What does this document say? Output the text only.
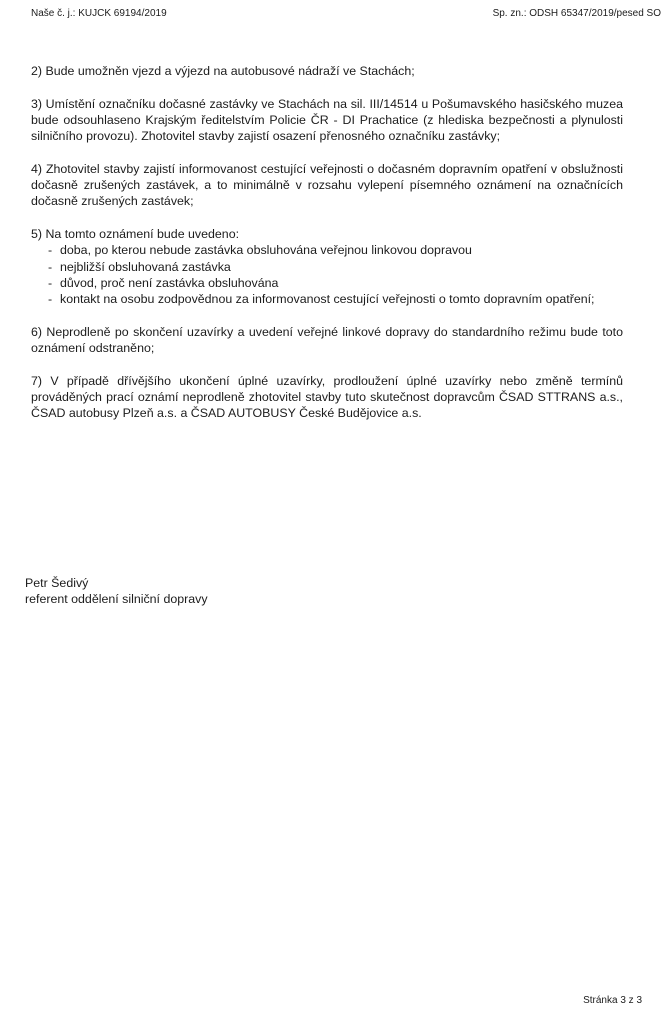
Naše č. j.: KUJCK 69194/2019	Sp. zn.: ODSH 65347/2019/pesed SO

2) Bude umožněn vjezd a výjezd na autobusové nádraží ve Stachách;

3) Umístění označníku dočasné zastávky ve Stachách na sil. III/14514 u Pošumavského hasičského muzea bude odsouhlaseno Krajským ředitelstvím Policie ČR - DI Prachatice (z hlediska bezpečnosti a plynulosti silničního provozu). Zhotovitel stavby zajistí osazení přenosného označníku zastávky;

4) Zhotovitel stavby zajistí informovanost cestující veřejnosti o dočasném dopravním opatření v obslužnosti dočasně zrušených zastávek, a to minimálně v rozsahu vylepení písemného oznámení na označnících dočasně zrušených zastávek;

5) Na tomto oznámení bude uvedeno:

- doba, po kterou nebude zastávka obsluhována veřejnou linkovou dopravou
- nejbližší obsluhovaná zastávka
- důvod, proč není zastávka obsluhována
- kontakt na osobu zodpovědnou za informovanost cestující veřejnosti o tomto dopravním opatření;

6) Neprodleně po skončení uzavírky a uvedení veřejné linkové dopravy do standardního režimu bude toto oznámení odstraněno;

7) V případě dřívějšího ukončení úplné uzavírky, prodloužení úplné uzavírky nebo změně termínů prováděných prací oznámí neprodleně zhotovitel stavby tuto skutečnost dopravcům ČSAD STTRANS a.s., ČSAD autobusy Plzeň a.s. a ČSAD AUTOBUSY České Budějovice a.s.

Petr Šedivý
referent oddělení silniční dopravy
Stránka 3 z 3
